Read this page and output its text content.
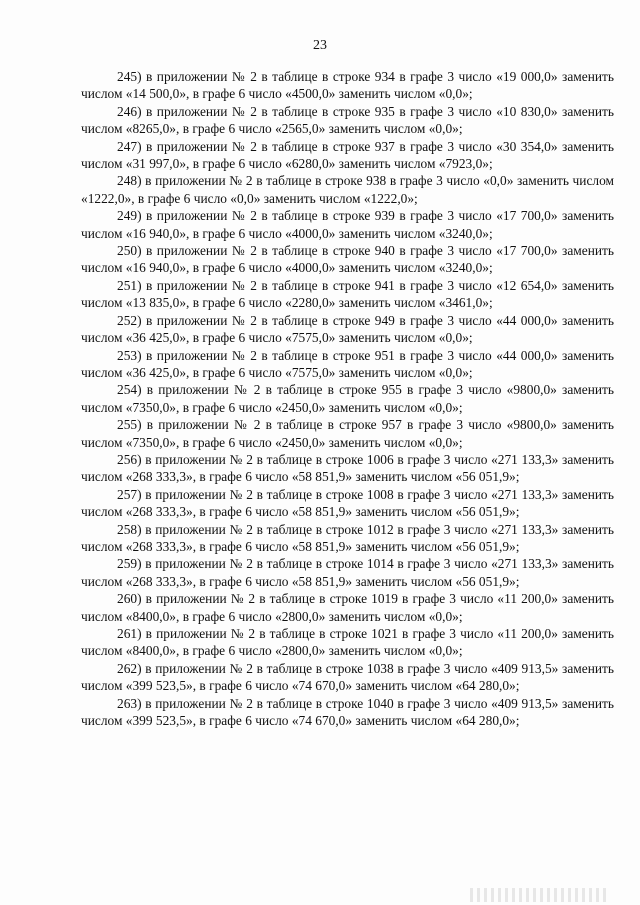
23

245) в приложении № 2 в таблице в строке 934 в графе 3 число «19 000,0» заменить числом «14 500,0», в графе 6 число «4500,0» заменить числом «0,0»;

246) в приложении № 2 в таблице в строке 935 в графе 3 число «10 830,0» заменить числом «8265,0», в графе 6 число «2565,0» заменить числом «0,0»;

247) в приложении № 2 в таблице в строке 937 в графе 3 число «30 354,0» заменить числом «31 997,0», в графе 6 число «6280,0» заменить числом «7923,0»;

248) в приложении № 2 в таблице в строке 938 в графе 3 число «0,0» заменить числом «1222,0», в графе 6 число «0,0» заменить числом «1222,0»;

249) в приложении № 2 в таблице в строке 939 в графе 3 число «17 700,0» заменить числом «16 940,0», в графе 6 число «4000,0» заменить числом «3240,0»;

250) в приложении № 2 в таблице в строке 940 в графе 3 число «17 700,0» заменить числом «16 940,0», в графе 6 число «4000,0» заменить числом «3240,0»;

251) в приложении № 2 в таблице в строке 941 в графе 3 число «12 654,0» заменить числом «13 835,0», в графе 6 число «2280,0» заменить числом «3461,0»;

252) в приложении № 2 в таблице в строке 949 в графе 3 число «44 000,0» заменить числом «36 425,0», в графе 6 число «7575,0» заменить числом «0,0»;

253) в приложении № 2 в таблице в строке 951 в графе 3 число «44 000,0» заменить числом «36 425,0», в графе 6 число «7575,0» заменить числом «0,0»;

254) в приложении № 2 в таблице в строке 955 в графе 3 число «9800,0» заменить числом «7350,0», в графе 6 число «2450,0» заменить числом «0,0»;

255) в приложении № 2 в таблице в строке 957 в графе 3 число «9800,0» заменить числом «7350,0», в графе 6 число «2450,0» заменить числом «0,0»;

256) в приложении № 2 в таблице в строке 1006 в графе 3 число «271 133,3» заменить числом «268 333,3», в графе 6 число «58 851,9» заменить числом «56 051,9»;

257) в приложении № 2 в таблице в строке 1008 в графе 3 число «271 133,3» заменить числом «268 333,3», в графе 6 число «58 851,9» заменить числом «56 051,9»;

258) в приложении № 2 в таблице в строке 1012 в графе 3 число «271 133,3» заменить числом «268 333,3», в графе 6 число «58 851,9» заменить числом «56 051,9»;

259) в приложении № 2 в таблице в строке 1014 в графе 3 число «271 133,3» заменить числом «268 333,3», в графе 6 число «58 851,9» заменить числом «56 051,9»;

260) в приложении № 2 в таблице в строке 1019 в графе 3 число «11 200,0» заменить числом «8400,0», в графе 6 число «2800,0» заменить числом «0,0»;

261) в приложении № 2 в таблице в строке 1021 в графе 3 число «11 200,0» заменить числом «8400,0», в графе 6 число «2800,0» заменить числом «0,0»;

262) в приложении № 2 в таблице в строке 1038 в графе 3 число «409 913,5» заменить числом «399 523,5», в графе 6 число «74 670,0» заменить числом «64 280,0»;

263) в приложении № 2 в таблице в строке 1040 в графе 3 число «409 913,5» заменить числом «399 523,5», в графе 6 число «74 670,0» заменить числом «64 280,0»;
